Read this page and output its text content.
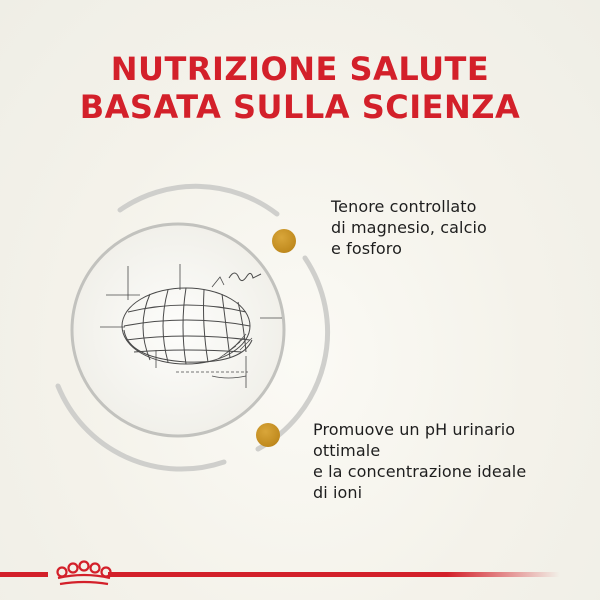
NUTRIZIONE SALUTE
BASATA SULLA SCIENZA

Tenore controllato
di magnesio, calcio
e fosforo

Promuove un pH urinario
ottimale
e la concentrazione ideale
di ioni
